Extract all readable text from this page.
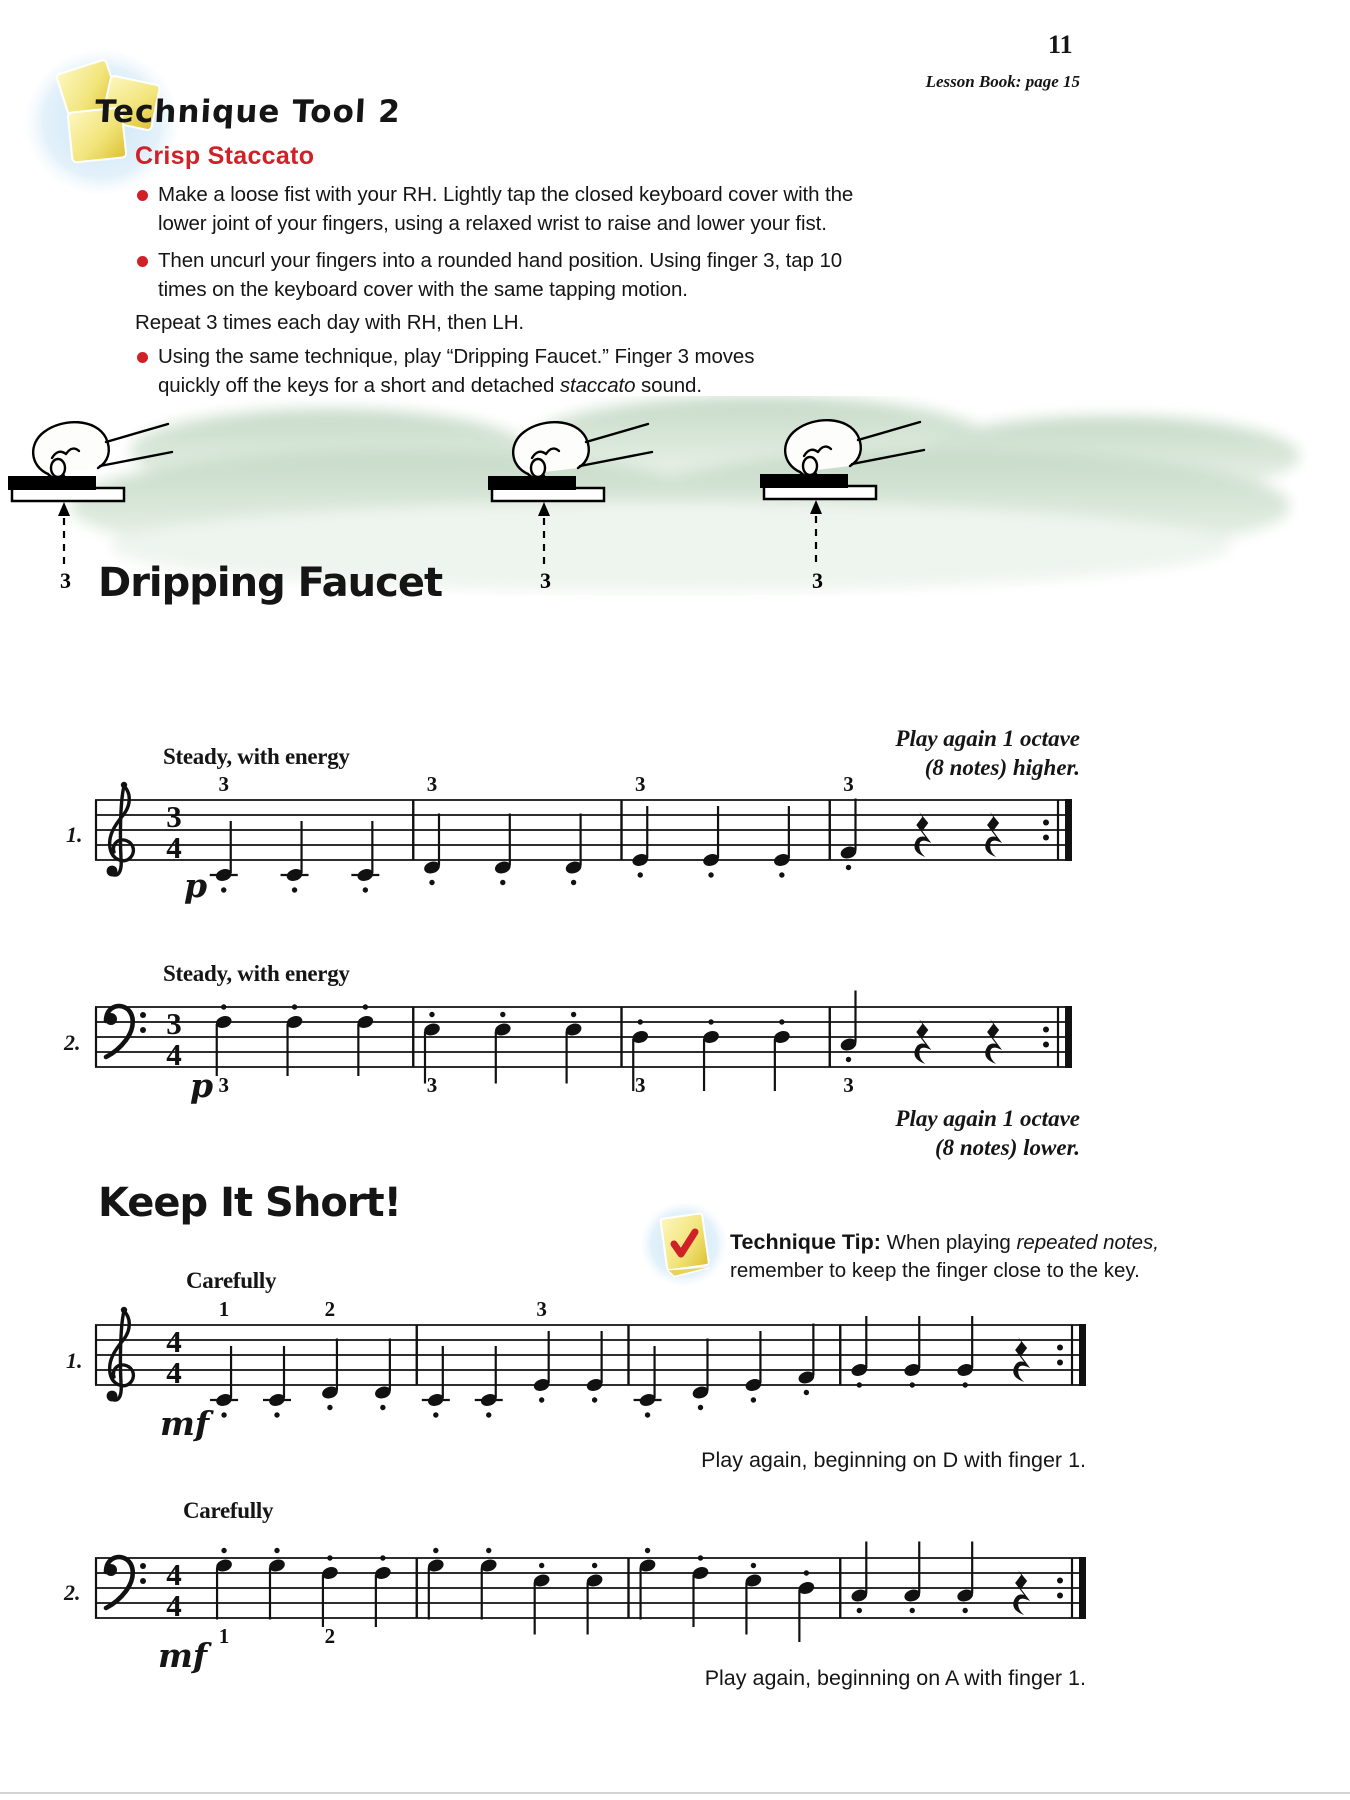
11
Lesson Book: page 15
Technique Tool 2
Crisp Staccato
Make a loose fist with your RH. Lightly tap the closed keyboard cover with the
lower joint of your fingers, using a relaxed wrist to raise and lower your fist.
Then uncurl your fingers into a rounded hand position. Using finger 3, tap 10
times on the keyboard cover with the same tapping motion.
Repeat 3 times each day with RH, then LH.
Using the same technique, play “Dripping Faucet.” Finger 3 moves
quickly off the keys for a short and detached staccato sound.
3	3	3
Dripping Faucet
Play again 1 octave
(8 notes) higher.
Steady, with energy
1.
p
Steady, with energy
2.
p
Play again 1 octave
(8 notes) lower.
Keep It Short!
Technique Tip: When playing repeated notes,
remember to keep the finger close to the key.
Carefully
1.
mf
Play again, beginning on D with finger 1.
Carefully
2.
mf
Play again, beginning on A with finger 1.
3
4
3	3	3	3
3
4
3	3	3	3
4
4
1	2	3
4
4
1	2
